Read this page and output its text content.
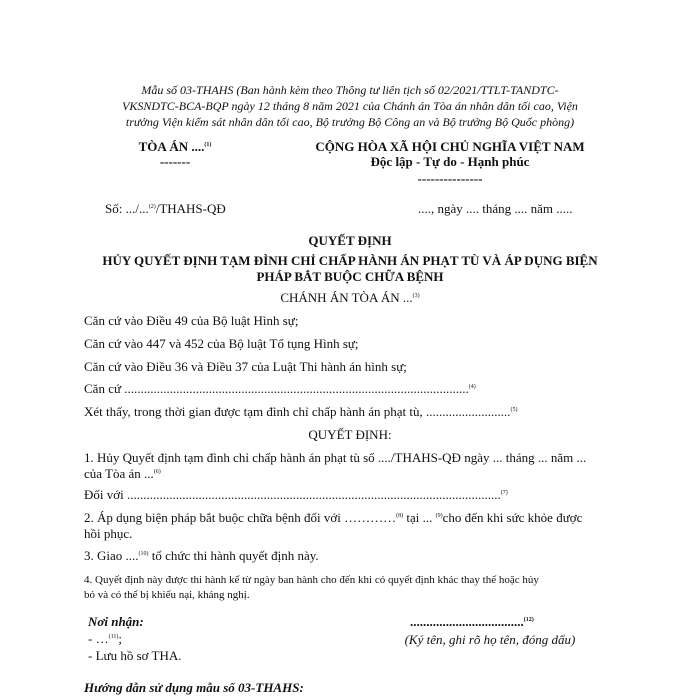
Mẫu số 03-THAHS (Ban hành kèm theo Thông tư liên tịch số 02/2021/TTLT-TANDTC-
VKSNDTC-BCA-BQP ngày 12 tháng 8 năm 2021 của Chánh án Tòa án nhân dân tối cao, Viện
trưởng Viện kiểm sát nhân dân tối cao, Bộ trưởng Bộ Công an và Bộ trưởng Bộ Quốc phòng)
TÒA ÁN ....$^{(1)}$
-------
CỘNG HÒA XÃ HỘI CHỦ NGHĨA VIỆT NAM
Độc lập - Tự do - Hạnh phúc
---------------
Số: .../...$^{(2)}$/THAHS-QĐ	...., ngày .... tháng .... năm .....
QUYẾT ĐỊNH
HỦY QUYẾT ĐỊNH TẠM ĐÌNH CHỈ CHẤP HÀNH ÁN PHẠT TÙ VÀ ÁP DỤNG BIỆN
PHÁP BẮT BUỘC CHỮA BỆNH
CHÁNH ÁN TÒA ÁN ...$^{(3)}$
Căn cứ vào Điều 49 của Bộ luật Hình sự;
Căn cứ vào 447 và 452 của Bộ luật Tố tụng Hình sự;
Căn cứ vào Điều 36 và Điều 37 của Luật Thi hành án hình sự;
Căn cứ ..........................................................................................................$^{(4)}$
Xét thấy, trong thời gian được tạm đình chỉ chấp hành án phạt tù, ..........................$^{(5)}$
QUYẾT ĐỊNH:
1. Hủy Quyết định tạm đình chỉ chấp hành án phạt tù số ..../THAHS-QĐ ngày ... tháng ... năm ...
của Tòa án ...$^{(6)}$
Đối với ...................................................................................................................$^{(7)}$
2. Áp dụng biện pháp bắt buộc chữa bệnh đối với …………$^{(8)}$ tại ... $^{(9)}$cho đến khi sức khỏe được
hồi phục.
3. Giao ....$^{(10)}$ tổ chức thi hành quyết định này.
4. Quyết định này được thi hành kể từ ngày ban hành cho đến khi có quyết định khác thay thế hoặc hủy
bỏ và có thể bị khiếu nại, kháng nghị.
Nơi nhận:
- …$^{(11)}$;
- Lưu hồ sơ THA.
...................................$^{(12)}$
(Ký tên, ghi rõ họ tên, đóng dấu)
Hướng dẫn sử dụng mẫu số 03-THAHS:
